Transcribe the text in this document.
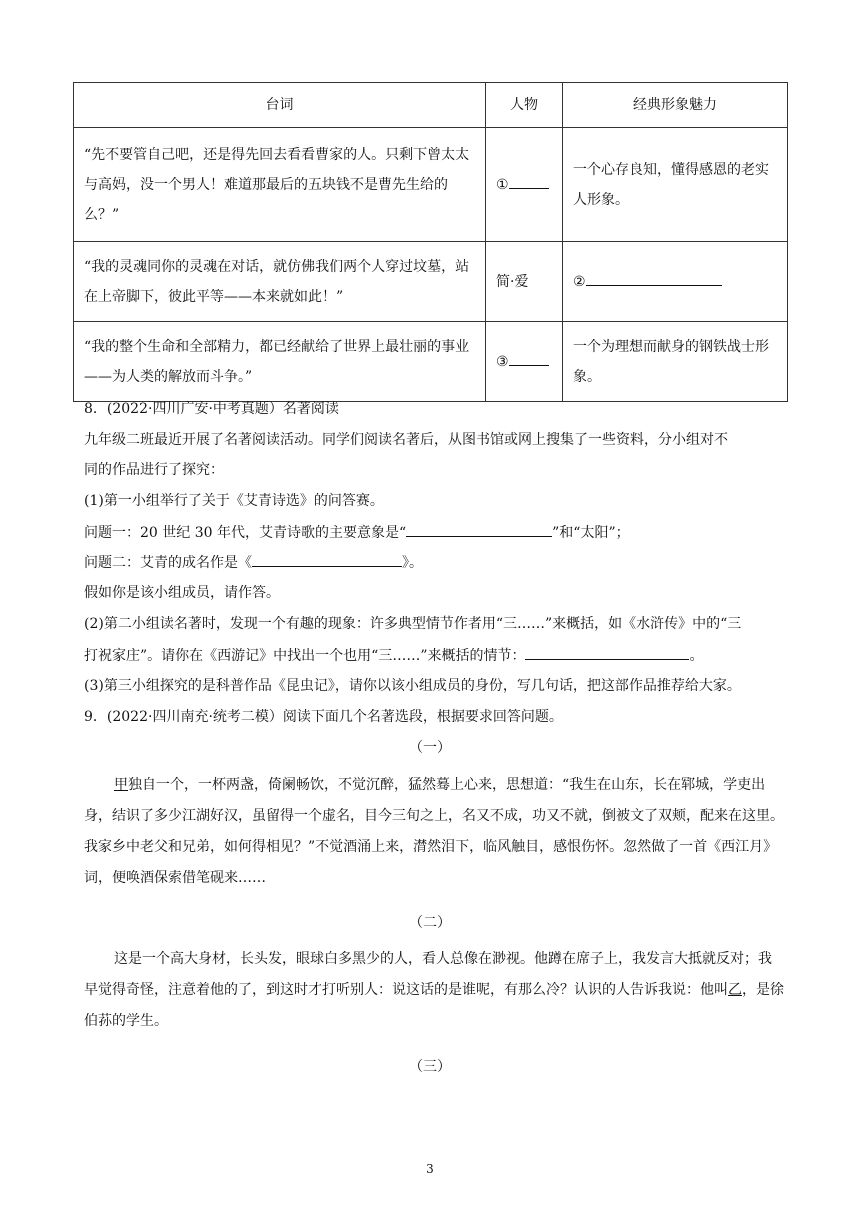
台词	人物	经典形象魅力
“先不要管自己吧，还是得先回去看看曹家的人。只剩下曾太太与高妈，没一个男人！难道那最后的五块钱不是曹先生给的么？”	①	一个心存良知，懂得感恩的老实人形象。
“我的灵魂同你的灵魂在对话，就仿佛我们两个人穿过坟墓，站在上帝脚下，彼此平等——本来就如此！”	简·爱	②
“我的整个生命和全部精力，都已经献给了世界上最壮丽的事业——为人类的解放而斗争。”	③	一个为理想而献身的钢铁战士形象。
8．(2022·四川广安·中考真题）名著阅读
九年级二班最近开展了名著阅读活动。同学们阅读名著后，从图书馆或网上搜集了一些资料，分小组对不
同的作品进行了探究：
(1)第一小组举行了关于《艾青诗选》的问答赛。
问题一：20 世纪 30 年代，艾青诗歌的主要意象是“	”和“太阳”；
问题二：艾青的成名作是《	》。
假如你是该小组成员，请作答。
(2)第二小组读名著时，发现一个有趣的现象：许多典型情节作者用“三……”来概括，如《水浒传》中的“三
打祝家庄”。请你在《西游记》中找出一个也用“三……”来概括的情节：	。
(3)第三小组探究的是科普作品《昆虫记》，请你以该小组成员的身份，写几句话，把这部作品推荐给大家。
9．(2022·四川南充·统考二模）阅读下面几个名著选段，根据要求回答问题。
（一）
甲独自一个，一杯两盏，倚阑畅饮，不觉沉醉，猛然蓦上心来，思想道：“我生在山东，长在郓城，学吏出身，结识了多少江湖好汉，虽留得一个虚名，目今三旬之上，名又不成，功又不就，倒被文了双颊，配来在这里。我家乡中老父和兄弟，如何得相见？”不觉酒涌上来，潸然泪下，临风触目，感恨伤怀。忽然做了一首《西江月》词，便唤酒保索借笔砚来……
（二）
这是一个高大身材，长头发，眼球白多黑少的人，看人总像在渺视。他蹲在席子上，我发言大抵就反对；我早觉得奇怪，注意着他的了，到这时才打听别人：说这话的是谁呢，有那么冷？认识的人告诉我说：他叫乙，是徐伯荪的学生。
（三）
3
